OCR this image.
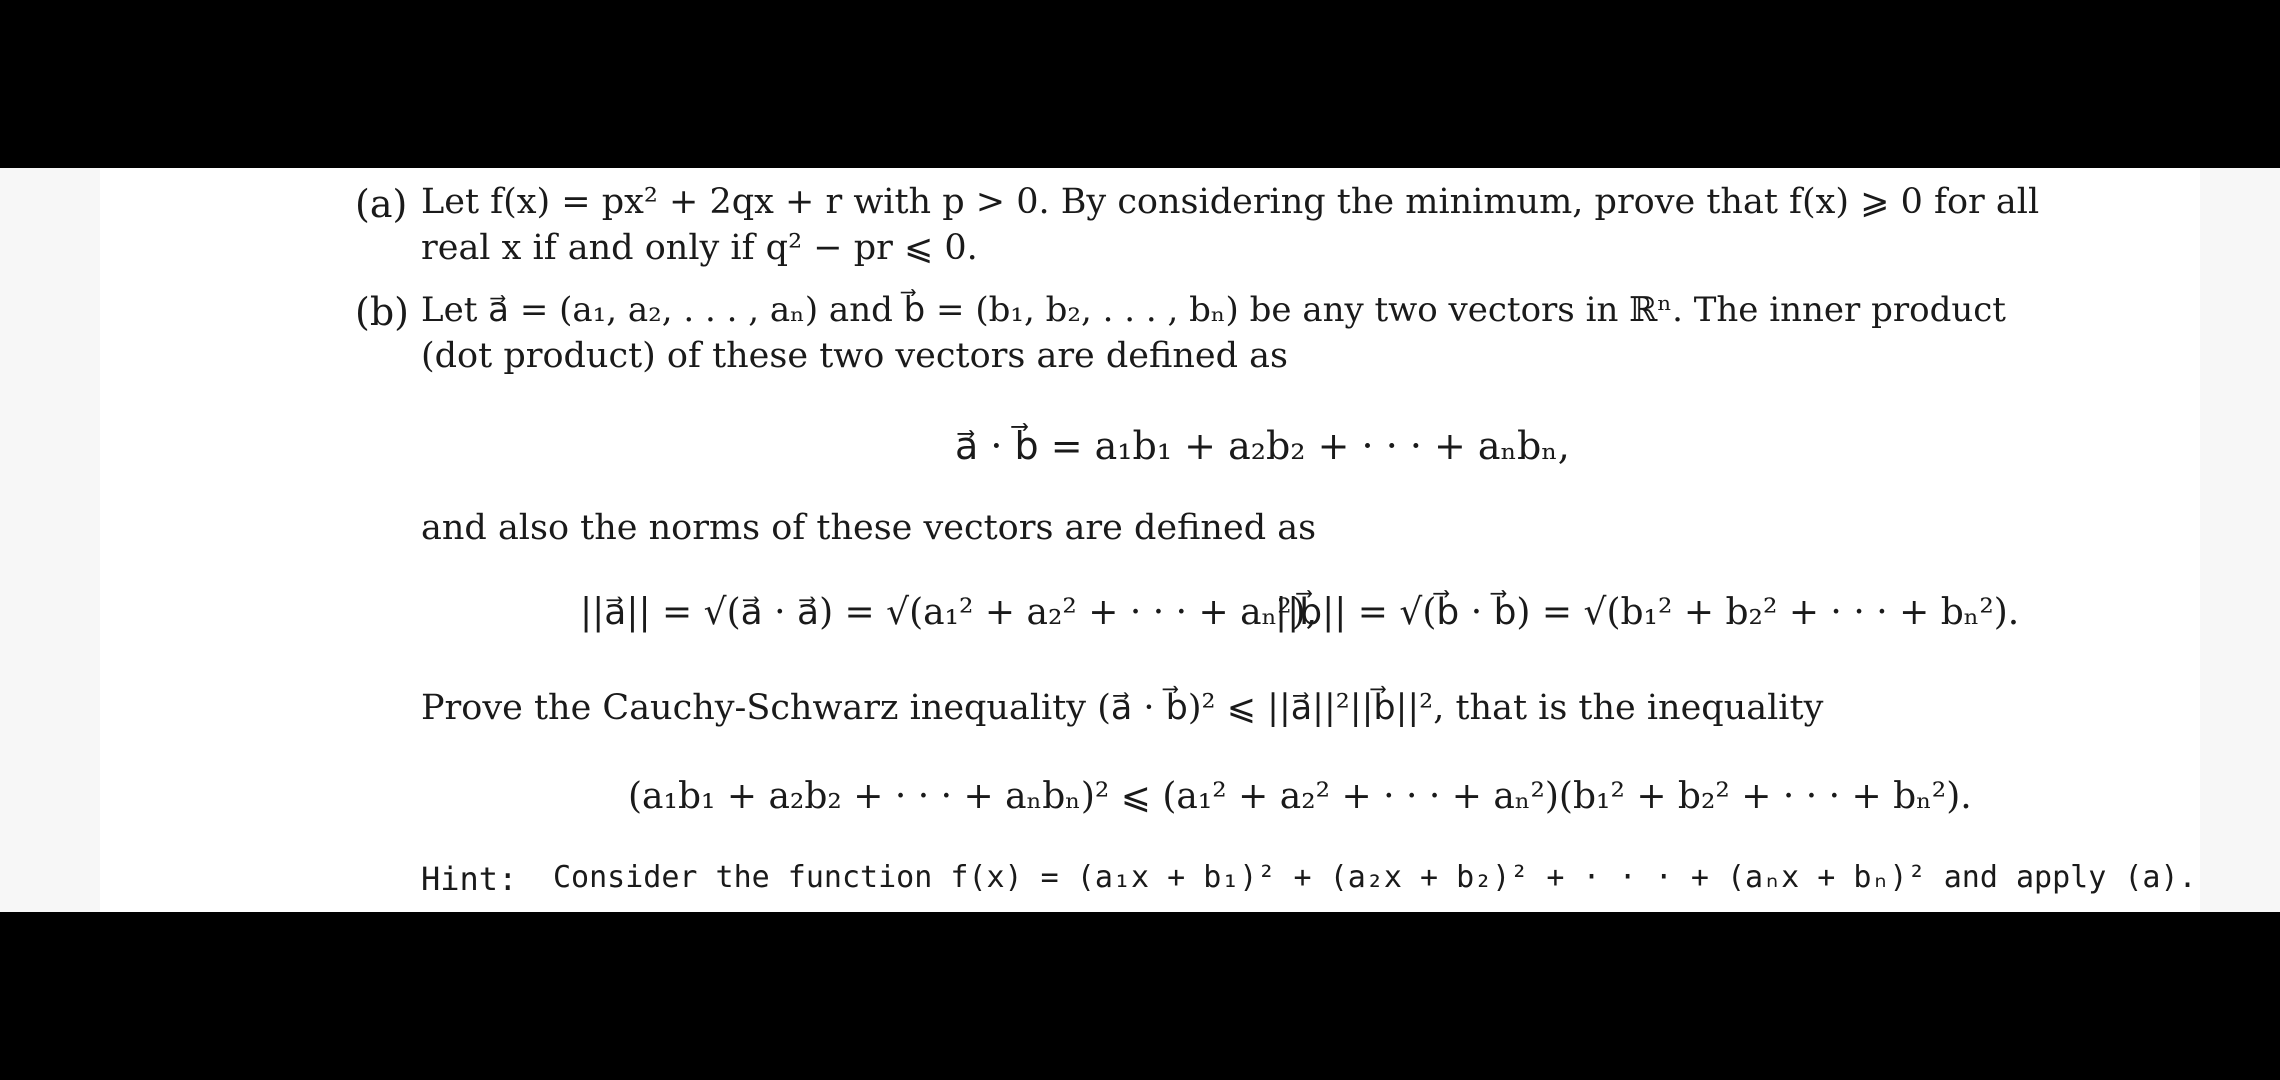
(a) Let f(x) = px² + 2qx + r with p > 0. By considering the minimum, prove that f(x) ⩾ 0 for all
real x if and only if q² − pr ⩽ 0.
(b) Let a⃗ = (a₁, a₂, . . . , aₙ) and b⃗ = (b₁, b₂, . . . , bₙ) be any two vectors in ℝⁿ. The inner product
(dot product) of these two vectors are defined as
a⃗ · b⃗ = a₁b₁ + a₂b₂ + · · · + aₙbₙ,
and also the norms of these vectors are defined as
||a⃗|| = √(a⃗ · a⃗) = √(a₁² + a₂² + · · · + aₙ²),
||b⃗|| = √(b⃗ · b⃗) = √(b₁² + b₂² + · · · + bₙ²).
Prove the Cauchy-Schwarz inequality (a⃗ · b⃗)² ⩽ ||a⃗||²||b⃗||², that is the inequality
(a₁b₁ + a₂b₂ + · · · + aₙbₙ)² ⩽ (a₁² + a₂² + · · · + aₙ²)(b₁² + b₂² + · · · + bₙ²).
Hint: Consider the function f(x) = (a₁x + b₁)² + (a₂x + b₂)² + · · · + (aₙx + bₙ)² and apply (a).
